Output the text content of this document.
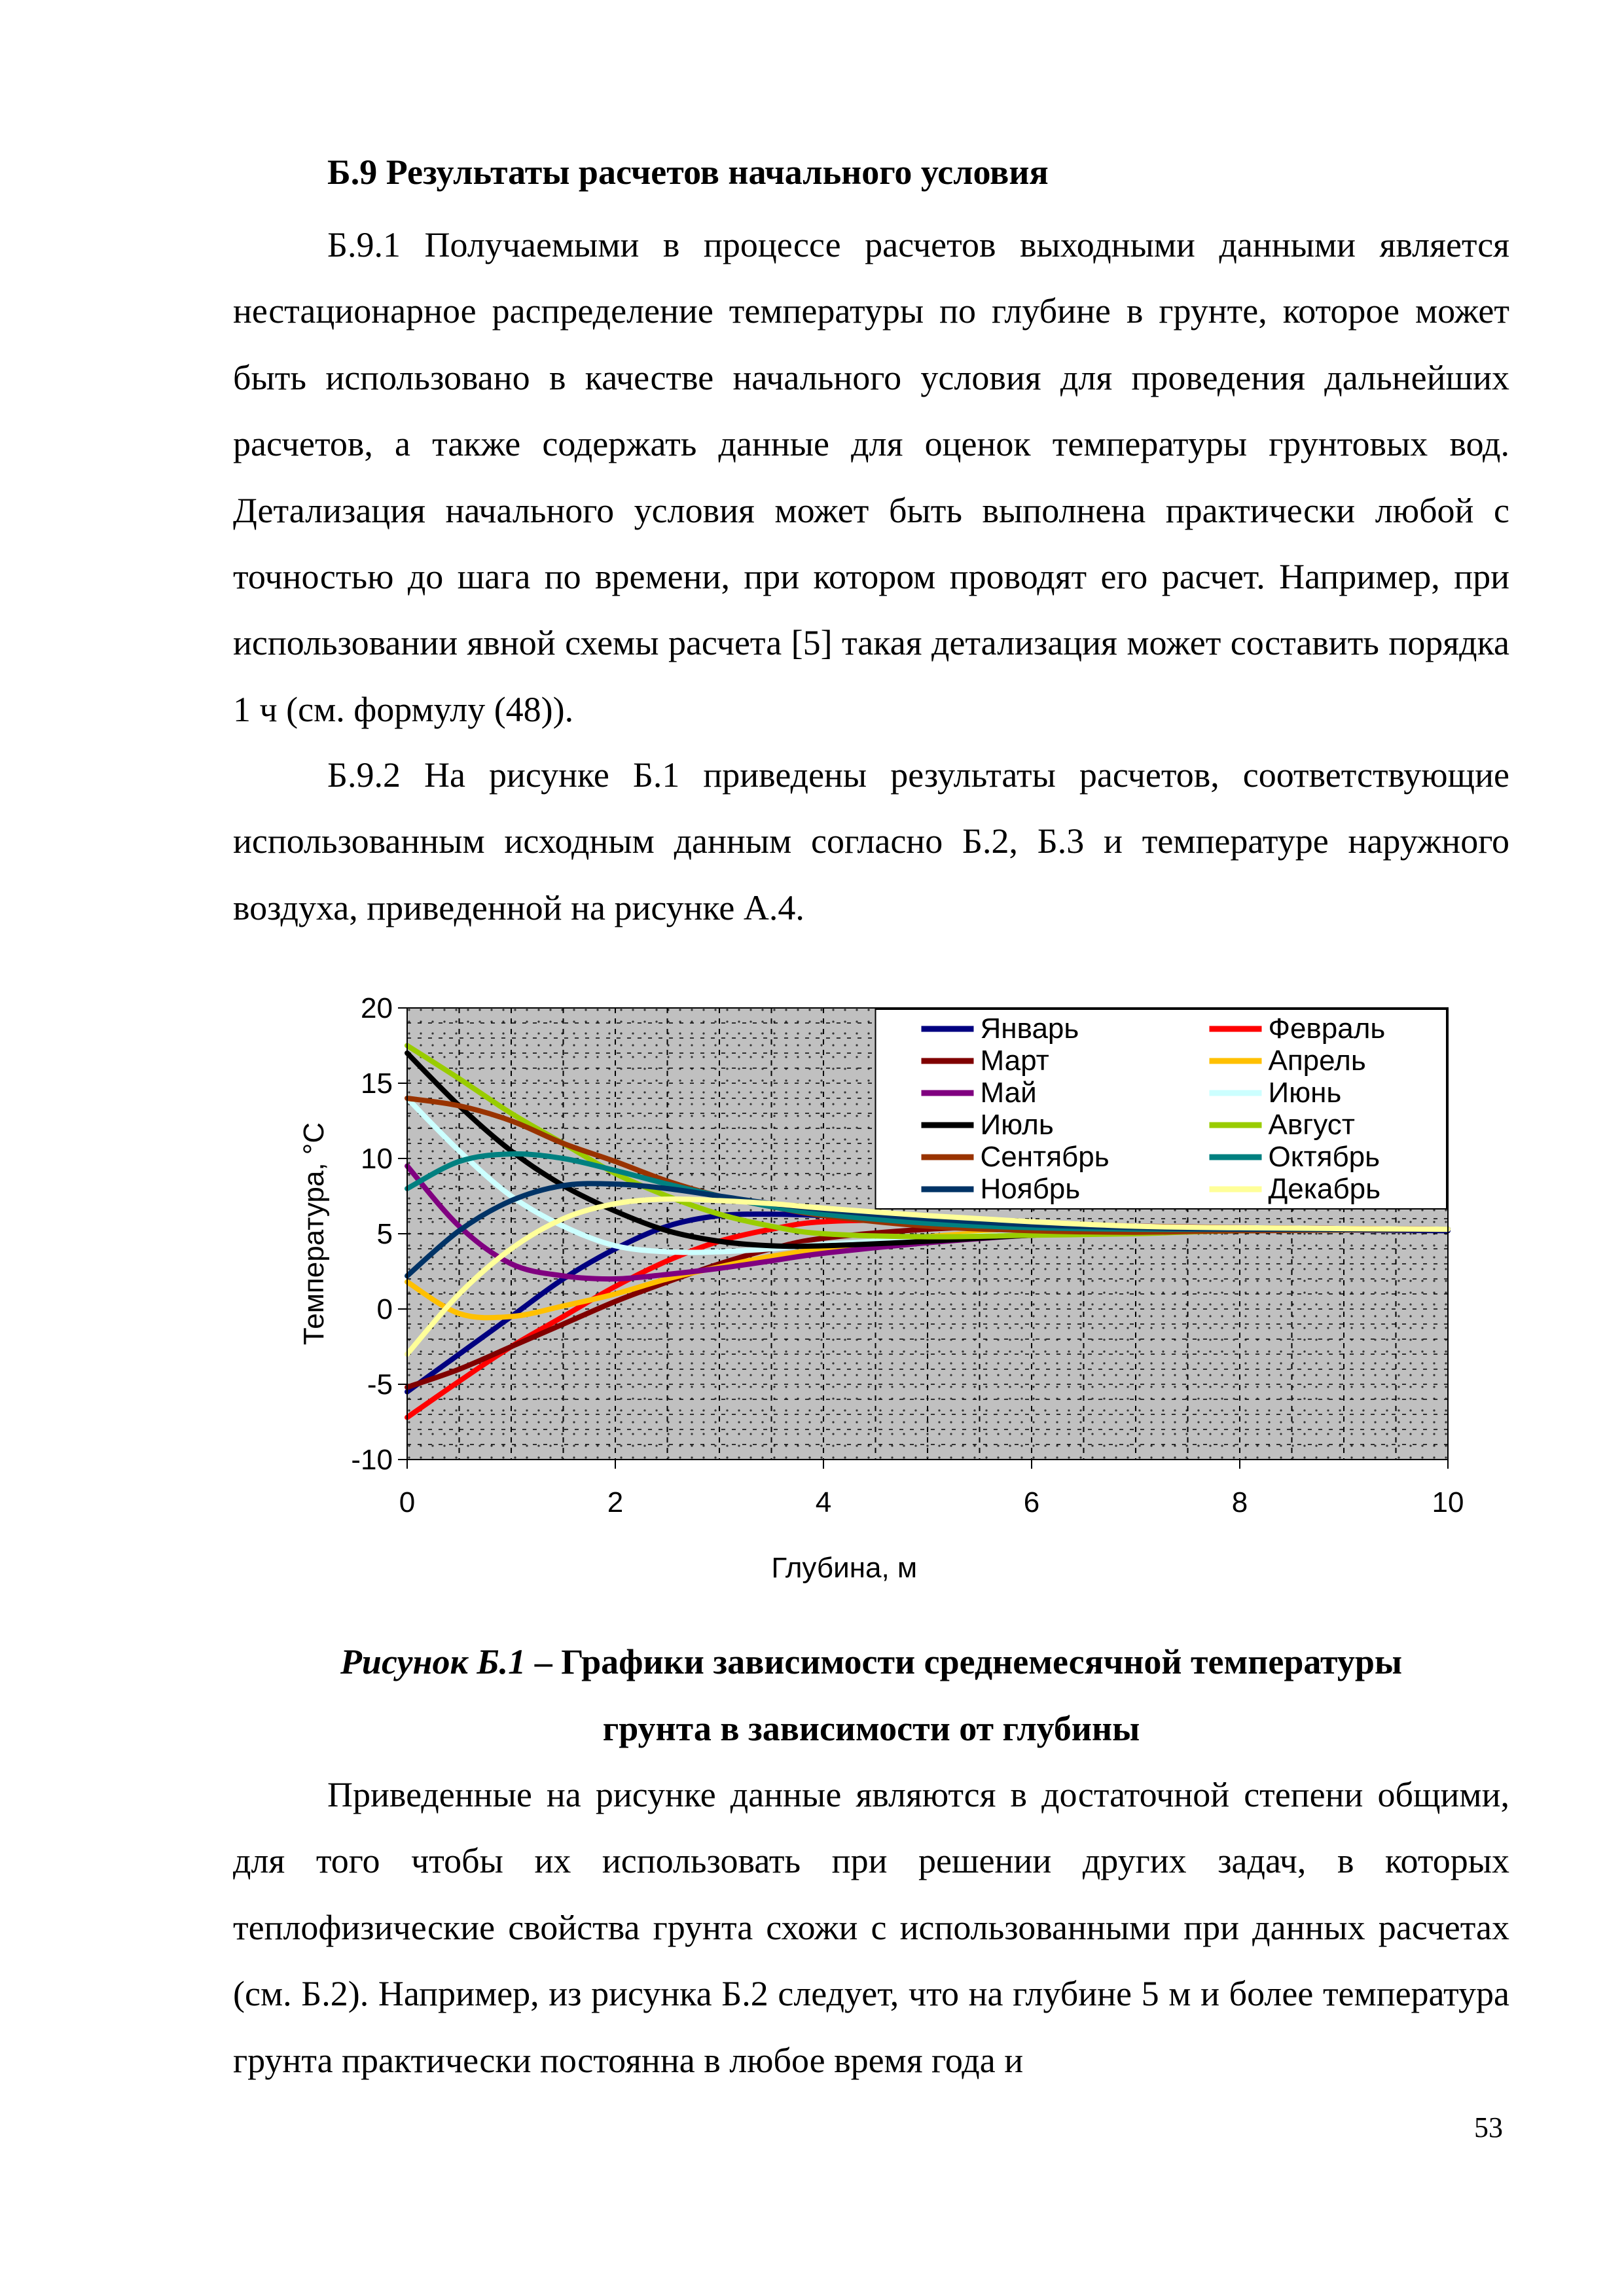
Б.9 Результаты расчетов начального условия

Б.9.1 Получаемыми в процессе расчетов выходными данными является нестационарное распределение температуры по глубине в грунте, которое может быть использовано в качестве начального условия для проведения дальнейших расчетов, а также содержать данные для оценок температуры грунтовых вод. Детализация начального условия может быть выполнена практически любой с точностью до шага по времени, при котором проводят его расчет. Например, при использовании явной схемы расчета [5] такая детализация может составить порядка 1 ч (см. формулу (48)).

Б.9.2 На рисунке Б.1 приведены результаты расчетов, соответствующие использованным исходным данным согласно Б.2, Б.3 и температуре наружного воздуха, приведенной на рисунке А.4.

20
15
10
5
0
-5
-10
0	2	4	6	8	10
Глубина, м
Температура, °С
Январь	Февраль
Март	Апрель
Май	Июнь
Июль	Август
Сентябрь	Октябрь
Ноябрь	Декабрь

Рисунок Б.1 – Графики зависимости среднемесячной температуры

грунта в зависимости от глубины

Приведенные на рисунке данные являются в достаточной степени общими, для того чтобы их использовать при решении других задач, в которых теплофизические свойства грунта схожи с использованными при данных расчетах (см. Б.2). Например, из рисунка Б.2 следует, что на глубине 5 м и более температура грунта практически постоянна в любое время года и

53
